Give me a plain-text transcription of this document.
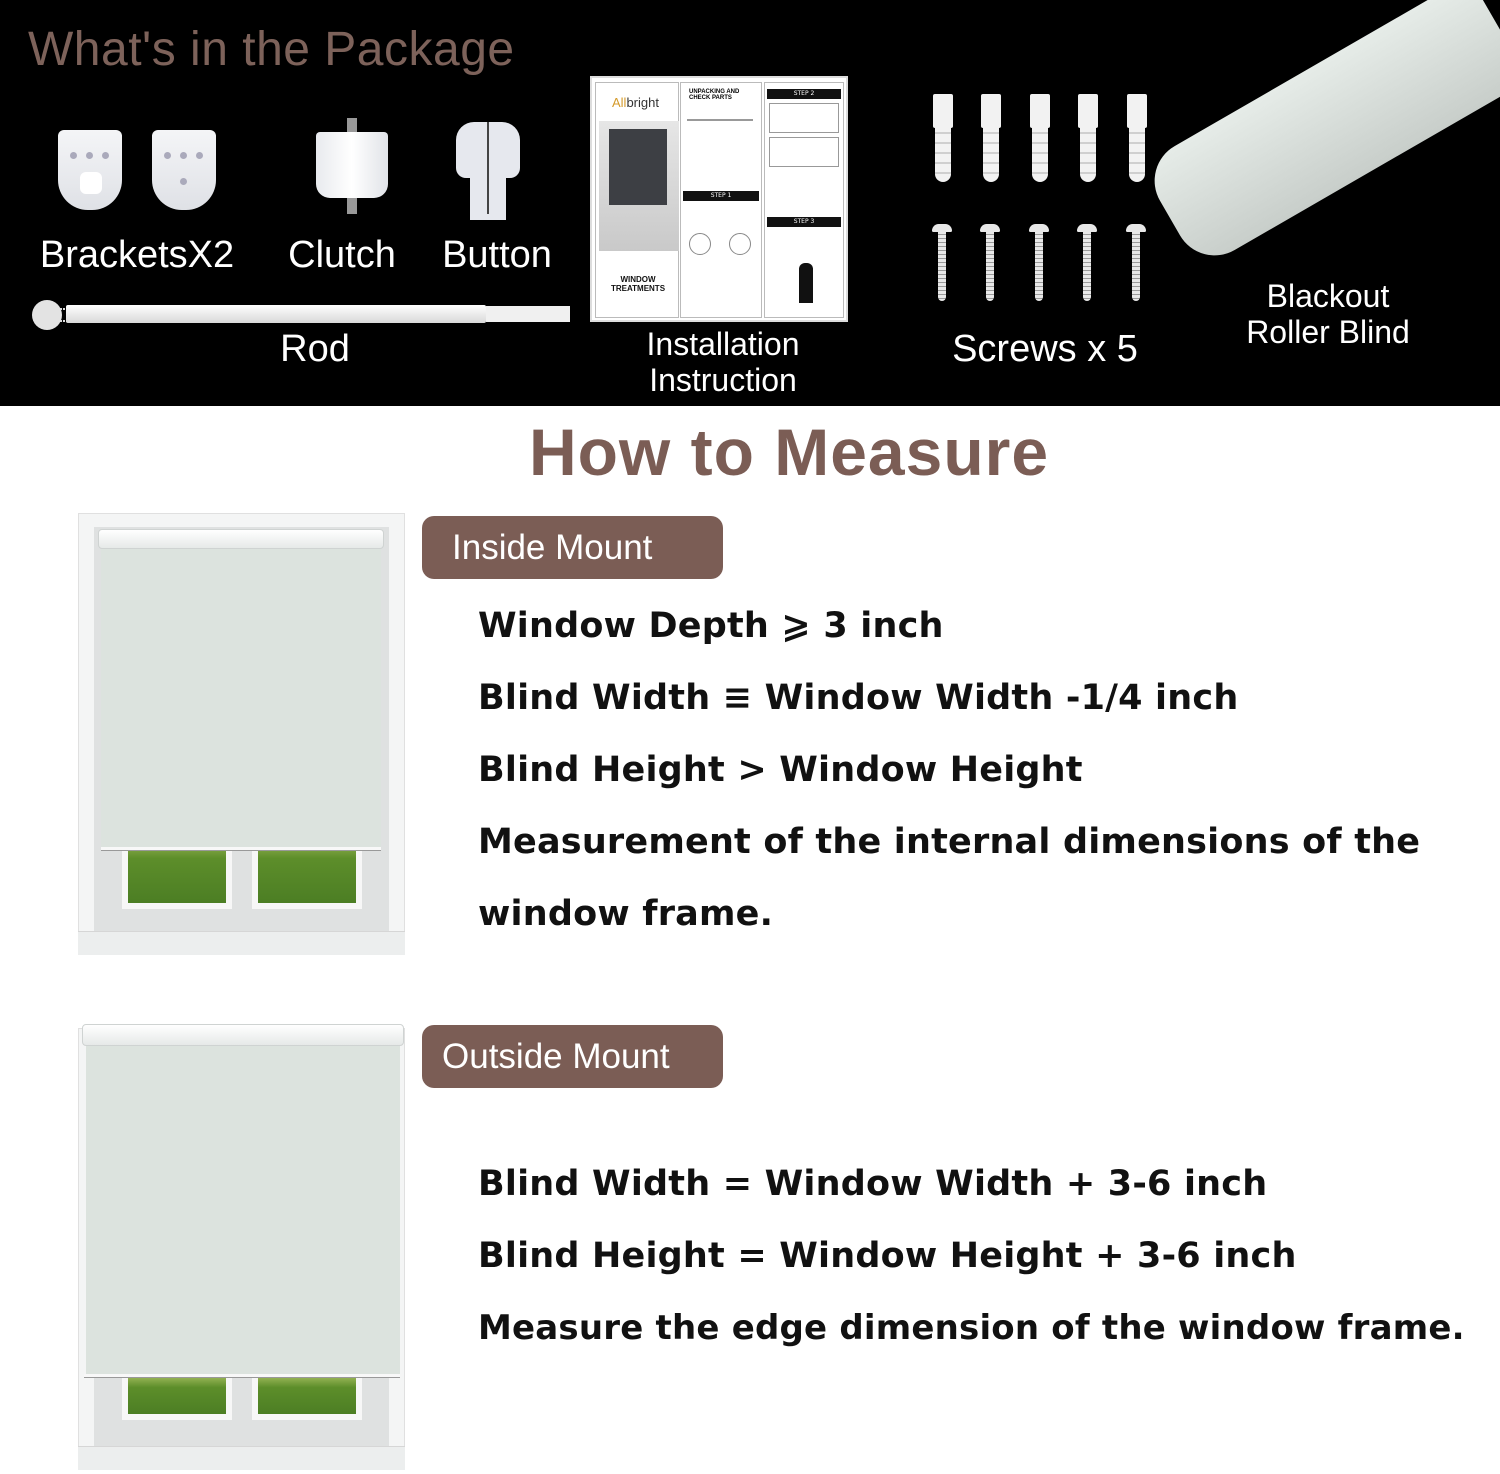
What's in the Package
BracketsX2 Clutch Button
Rod
Allbright
WINDOW TREATMENTS
UNPACKING AND CHECK PARTS
STEP 1
STEP 2
STEP 3
Installation
Instruction
Screws x 5
Blackout
Roller Blind
How to Measure
Inside Mount
Window Depth ⩾ 3 inch
Blind Width ≡ Window Width -1/4 inch
Blind Height > Window Height
Measurement of the internal dimensions of the
window frame.
Outside Mount
Blind Width = Window Width + 3-6 inch
Blind Height = Window Height + 3-6 inch
Measure the edge dimension of the window frame.
